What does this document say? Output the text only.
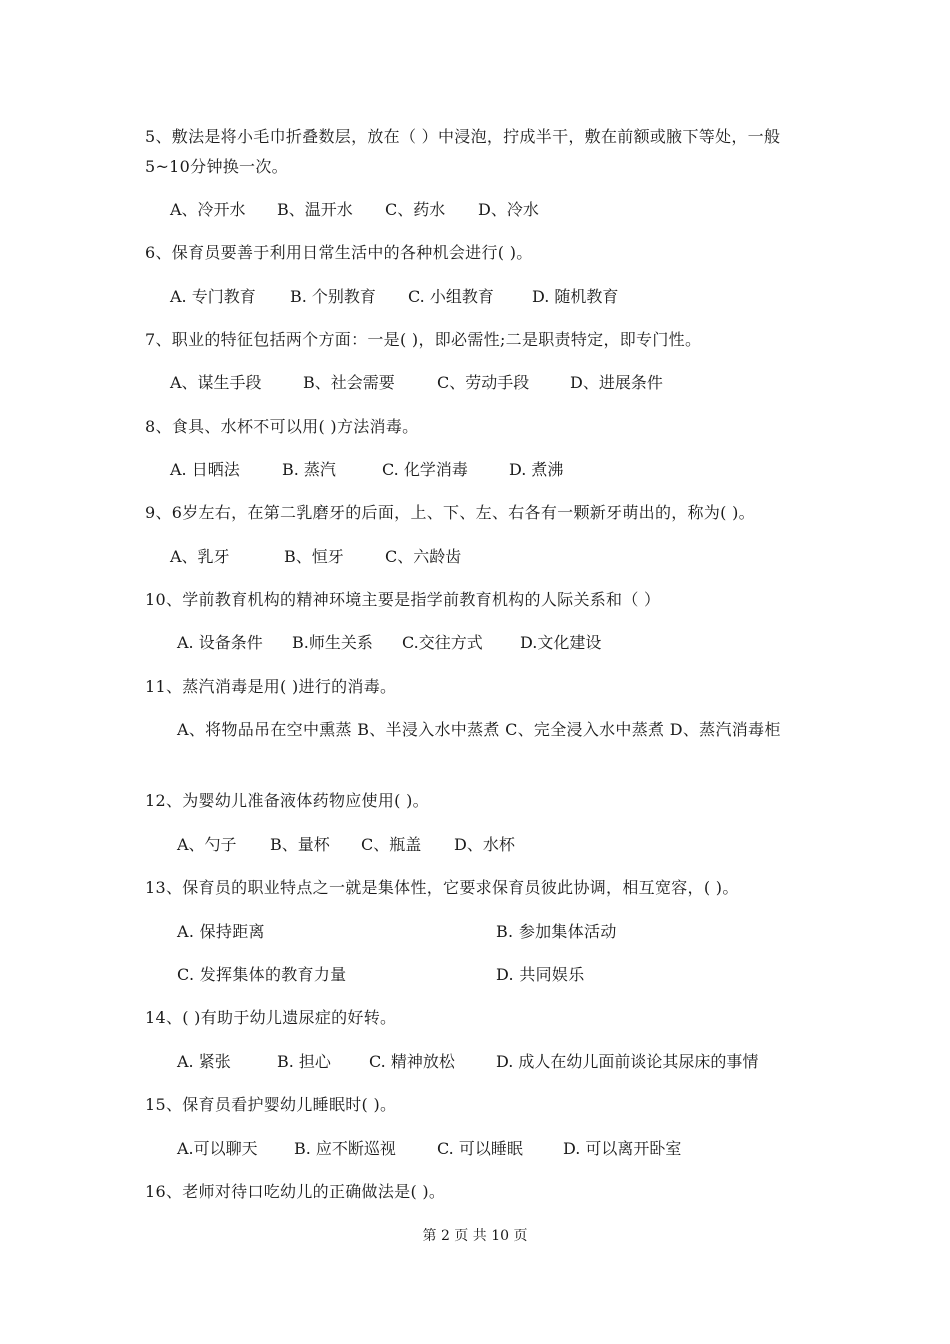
5、敷法是将小毛巾折叠数层，放在（ ）中浸泡，拧成半干，敷在前额或腋下等处，一般
5~10分钟换一次。
A、冷开水	B、温开水	C、药水	D、冷水
6、保育员要善于利用日常生活中的各种机会进行( )。
A. 专门教育	B. 个别教育	C. 小组教育	D. 随机教育
7、职业的特征包括两个方面：一是( )，即必需性;二是职责特定，即专门性。
A、谋生手段	B、社会需要	C、劳动手段	D、进展条件
8、食具、水杯不可以用( )方法消毒。
A. 日晒法	B. 蒸汽	C. 化学消毒	D. 煮沸
9、6岁左右，在第二乳磨牙的后面，上、下、左、右各有一颗新牙萌出的，称为( )。
A、乳牙	B、恒牙	C、六龄齿
10、学前教育机构的精神环境主要是指学前教育机构的人际关系和（ ）
A. 设备条件	B.师生关系	C.交往方式	D.文化建设
11、蒸汽消毒是用( )进行的消毒。
A、将物品吊在空中熏蒸 B、半浸入水中蒸煮 C、完全浸入水中蒸煮 D、蒸汽消毒柜
12、为婴幼儿准备液体药物应使用( )。
A、勺子	B、量杯	C、瓶盖	D、水杯
13、保育员的职业特点之一就是集体性，它要求保育员彼此协调，相互宽容，( )。
A. 保持距离	B. 参加集体活动
C. 发挥集体的教育力量	D. 共同娱乐
14、( )有助于幼儿遗尿症的好转。
A. 紧张	B. 担心	C. 精神放松	D. 成人在幼儿面前谈论其尿床的事情
15、保育员看护婴幼儿睡眠时( )。
A.可以聊天	B. 应不断巡视	C. 可以睡眠	D. 可以离开卧室
16、老师对待口吃幼儿的正确做法是( )。
第 2 页 共 10 页
